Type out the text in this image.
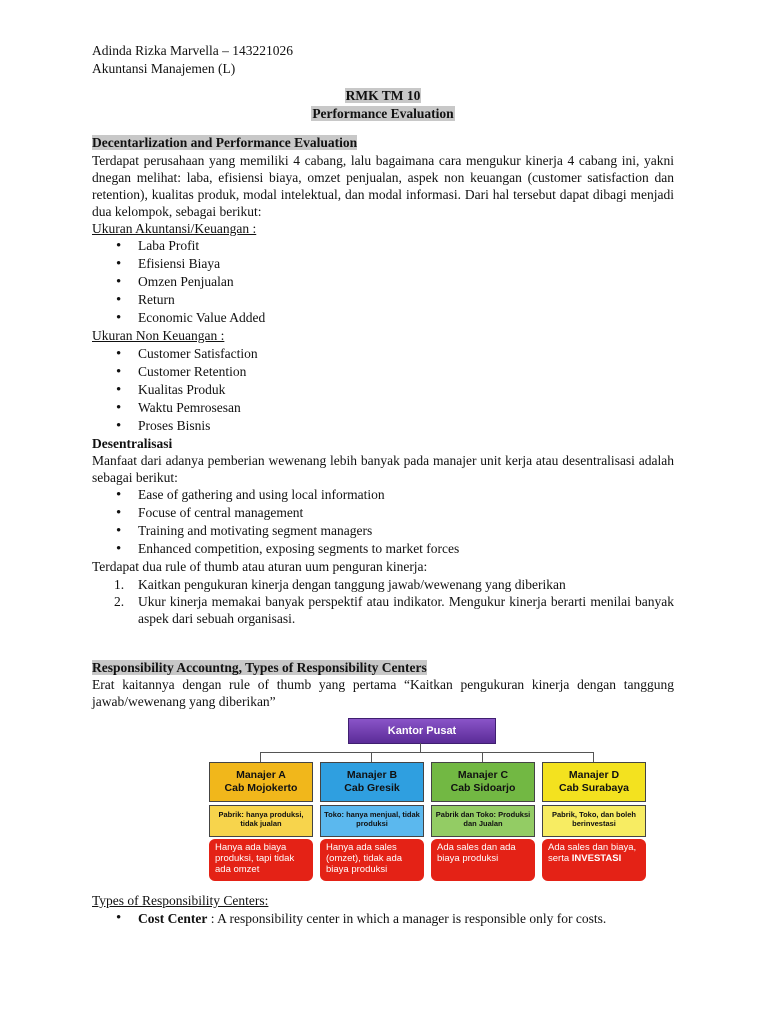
Adinda Rizka Marvella – 143221026
Akuntansi Manajemen (L)
RMK TM 10
Performance Evaluation
Decentarlization and Performance Evaluation
Terdapat perusahaan yang memiliki 4 cabang, lalu bagaimana cara mengukur kinerja 4 cabang ini, yakni dnegan melihat: laba, efisiensi biaya, omzet penjualan, aspek non keuangan (customer satisfaction dan retention), kualitas produk, modal intelektual, dan modal informasi. Dari hal tersebut dapat dibagi menjadi dua kelompok, sebagai berikut:
Ukuran Akuntansi/Keuangan :
• Laba Profit
• Efisiensi Biaya
• Omzen Penjualan
• Return
• Economic Value Added
Ukuran Non Keuangan :
• Customer Satisfaction
• Customer Retention
• Kualitas Produk
• Waktu Pemrosesan
• Proses Bisnis
Desentralisasi
Manfaat dari adanya pemberian wewenang lebih banyak pada manajer unit kerja atau desentralisasi adalah sebagai berikut:
• Ease of gathering and using local information
• Focuse of central management
• Training and motivating segment managers
• Enhanced competition, exposing segments to market forces
Terdapat dua rule of thumb atau aturan uum penguran kinerja:
1. Kaitkan pengukuran kinerja dengan tanggung jawab/wewenang yang diberikan
2. Ukur kinerja memakai banyak perspektif atau indikator. Mengukur kinerja berarti menilai banyak aspek dari sebuah organisasi.
Responsibility Accountng, Types of Responsibility Centers
Erat kaitannya dengan rule of thumb yang pertama “Kaitkan pengukuran kinerja dengan tanggung jawab/wewenang yang diberikan”
Kantor Pusat
Manajer A
Cab Mojokerto
Pabrik: hanya produksi, tidak jualan
Hanya ada biaya produksi, tapi tidak ada omzet
Manajer B
Cab Gresik
Toko: hanya menjual, tidak produksi
Hanya ada sales (omzet), tidak ada biaya produksi
Manajer C
Cab Sidoarjo
Pabrik dan Toko: Produksi dan Jualan
Ada sales dan ada biaya produksi
Manajer D
Cab Surabaya
Pabrik, Toko, dan boleh berinvestasi
Ada sales dan biaya, serta INVESTASI
Types of Responsibility Centers:
• Cost Center : A responsibility center in which a manager is responsible only for costs.
